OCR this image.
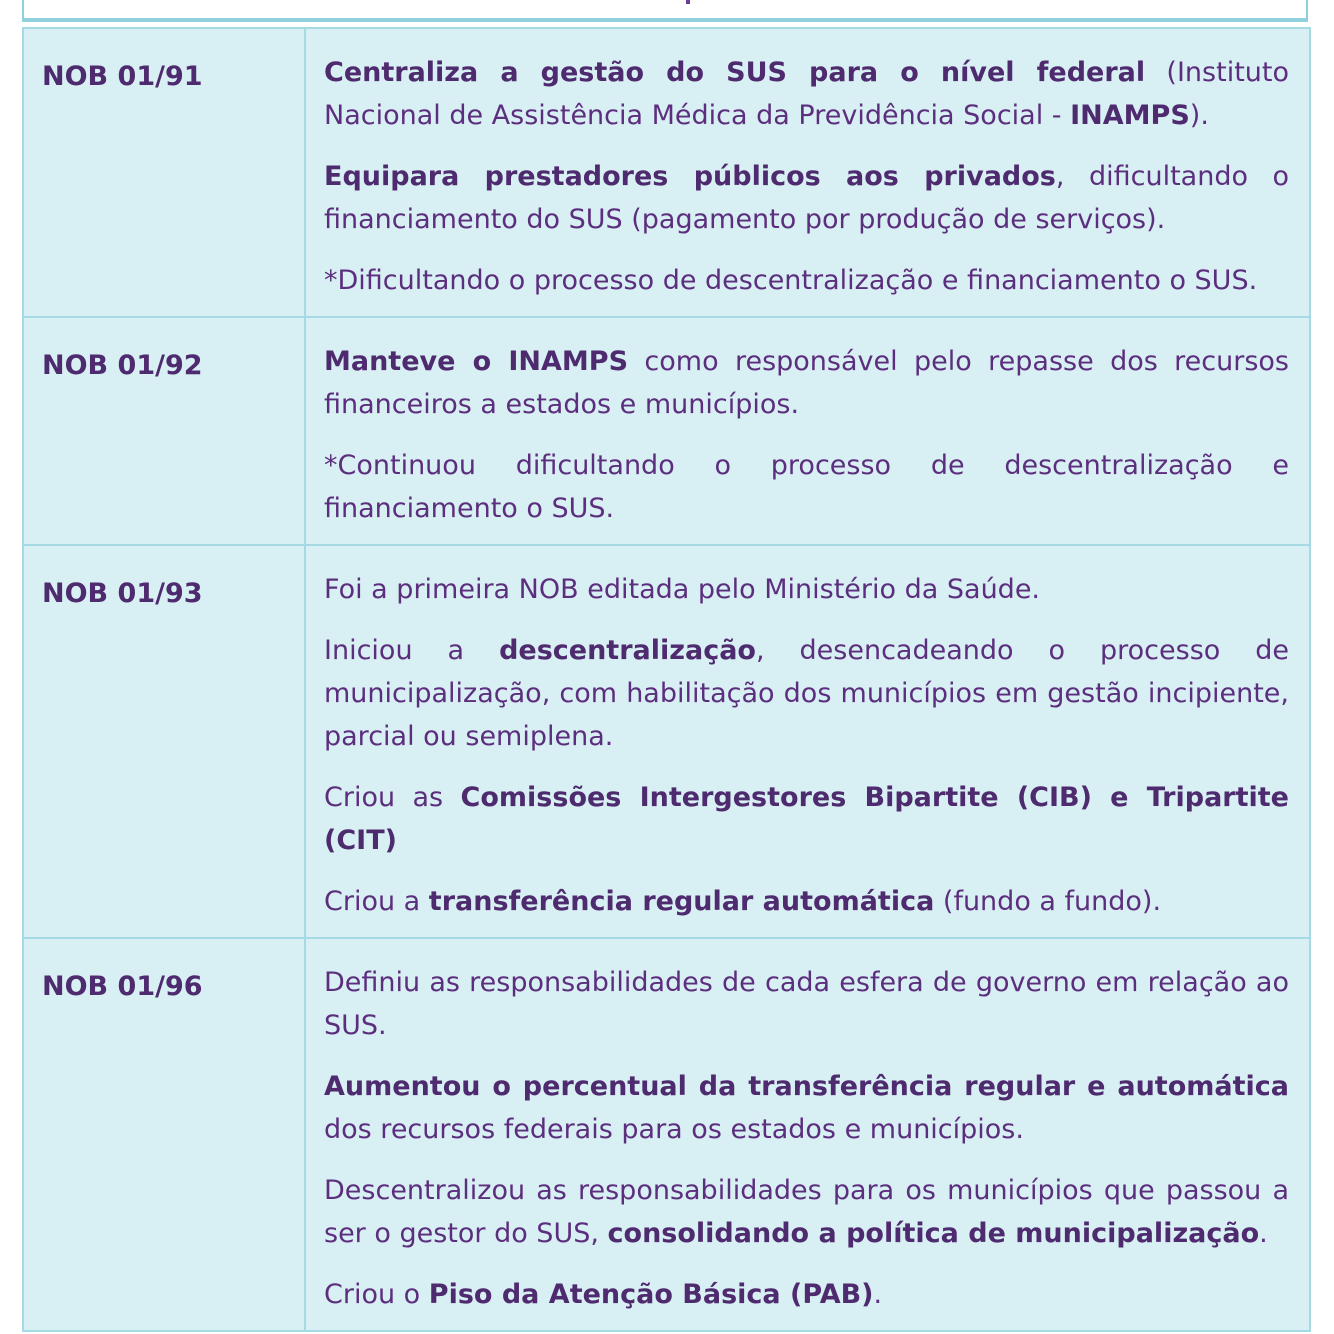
NOB 01/91	Centraliza a gestão do SUS para o nível federal (Instituto Nacional de Assistência Médica da Previdência Social - INAMPS).

Equipara prestadores públicos aos privados, dificultando o financiamento do SUS (pagamento por produção de serviços).

*Dificultando o processo de descentralização e financiamento o SUS.

NOB 01/92	Manteve o INAMPS como responsável pelo repasse dos recursos financeiros a estados e municípios.

*Continuou dificultando o processo de descentralização e financiamento o SUS.

NOB 01/93	Foi a primeira NOB editada pelo Ministério da Saúde.

Iniciou a descentralização, desencadeando o processo de municipalização, com habilitação dos municípios em gestão incipiente, parcial ou semiplena.

Criou as Comissões Intergestores Bipartite (CIB) e Tripartite (CIT)

Criou a transferência regular automática (fundo a fundo).

NOB 01/96	Definiu as responsabilidades de cada esfera de governo em relação ao SUS.

Aumentou o percentual da transferência regular e automática dos recursos federais para os estados e municípios.

Descentralizou as responsabilidades para os municípios que passou a ser o gestor do SUS, consolidando a política de municipalização.

Criou o Piso da Atenção Básica (PAB).
